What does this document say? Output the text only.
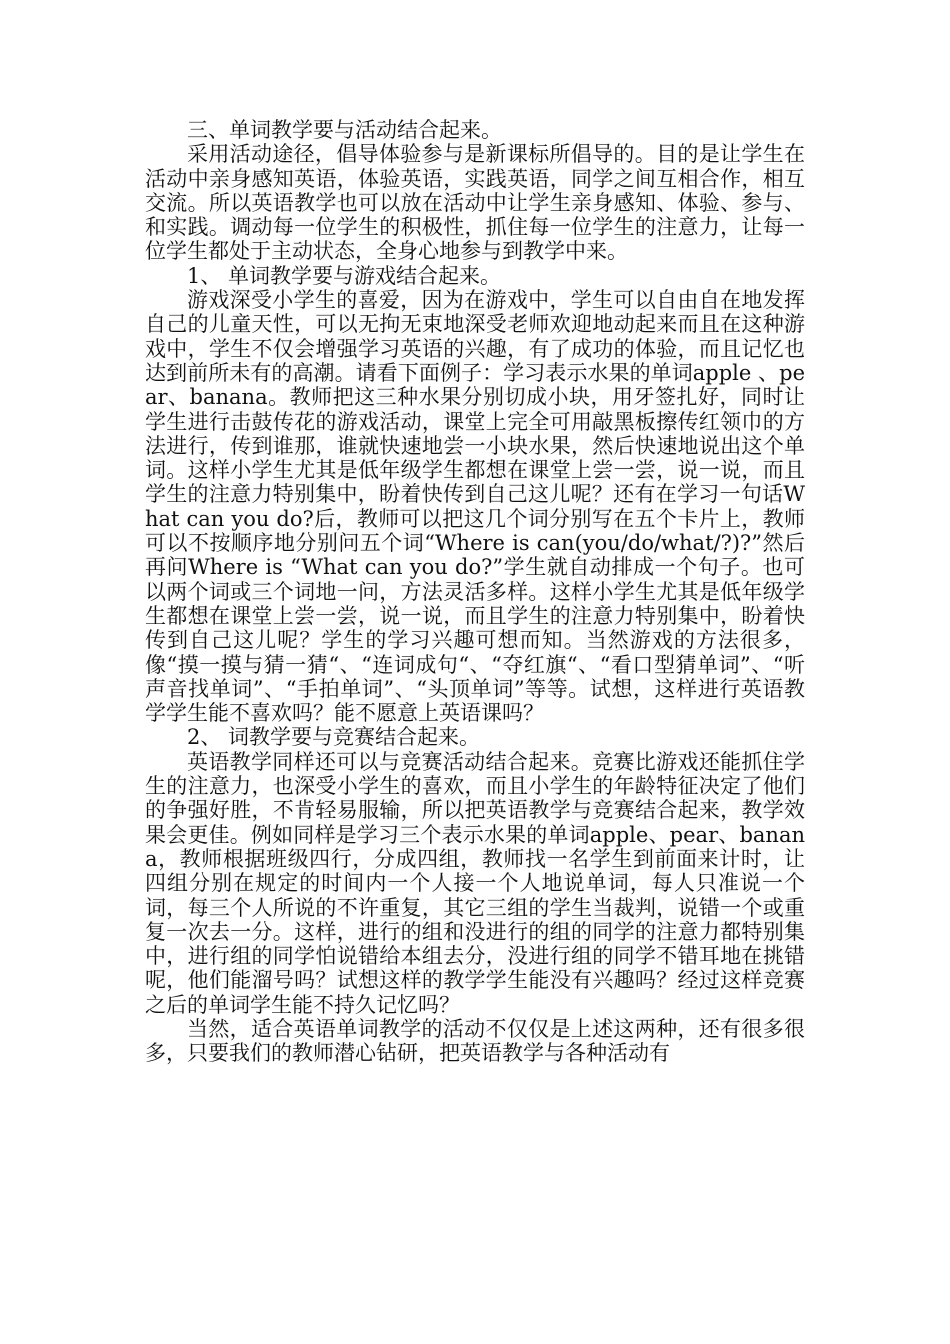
三、单词教学要与活动结合起来。

采用活动途径，倡导体验参与是新课标所倡导的。目的是让学生在活动中亲身感知英语，体验英语，实践英语，同学之间互相合作，相互交流。所以英语教学也可以放在活动中让学生亲身感知、体验、参与、和实践。调动每一位学生的积极性，抓住每一位学生的注意力，让每一位学生都处于主动状态，全身心地参与到教学中来。

1、 单词教学要与游戏结合起来。

游戏深受小学生的喜爱，因为在游戏中，学生可以自由自在地发挥自己的儿童天性，可以无拘无束地深受老师欢迎地动起来而且在这种游戏中，学生不仅会增强学习英语的兴趣，有了成功的体验，而且记忆也达到前所未有的高潮。请看下面例子：学习表示水果的单词apple 、pear、banana。教师把这三种水果分别切成小块，用牙签扎好，同时让学生进行击鼓传花的游戏活动，课堂上完全可用敲黑板擦传红领巾的方法进行，传到谁那，谁就快速地尝一小块水果，然后快速地说出这个单词。这样小学生尤其是低年级学生都想在课堂上尝一尝，说一说，而且学生的注意力特别集中，盼着快传到自己这儿呢？还有在学习一句话What can you do?后，教师可以把这几个词分别写在五个卡片上，教师可以不按顺序地分别问五个词“Where is can(you/do/what/?)?”然后再问Where is “What can you do?”学生就自动排成一个句子。也可以两个词或三个词地一问，方法灵活多样。这样小学生尤其是低年级学生都想在课堂上尝一尝，说一说，而且学生的注意力特别集中，盼着快传到自己这儿呢？学生的学习兴趣可想而知。当然游戏的方法很多，像“摸一摸与猜一猜“、“连词成句“、“夺红旗“、“看口型猜单词”、“听声音找单词”、“手拍单词”、“头顶单词”等等。试想，这样进行英语教学学生能不喜欢吗？能不愿意上英语课吗？

2、 词教学要与竞赛结合起来。

英语教学同样还可以与竞赛活动结合起来。竞赛比游戏还能抓住学生的注意力，也深受小学生的喜欢，而且小学生的年龄特征决定了他们的争强好胜，不肯轻易服输，所以把英语教学与竞赛结合起来，教学效果会更佳。例如同样是学习三个表示水果的单词apple、pear、banana，教师根据班级四行，分成四组，教师找一名学生到前面来计时，让四组分别在规定的时间内一个人接一个人地说单词，每人只准说一个词，每三个人所说的不许重复，其它三组的学生当裁判，说错一个或重复一次去一分。这样，进行的组和没进行的组的同学的注意力都特别集中，进行组的同学怕说错给本组去分，没进行组的同学不错耳地在挑错呢，他们能溜号吗？试想这样的教学学生能没有兴趣吗？经过这样竞赛之后的单词学生能不持久记忆吗？

当然，适合英语单词教学的活动不仅仅是上述这两种，还有很多很多，只要我们的教师潜心钻研，把英语教学与各种活动有
